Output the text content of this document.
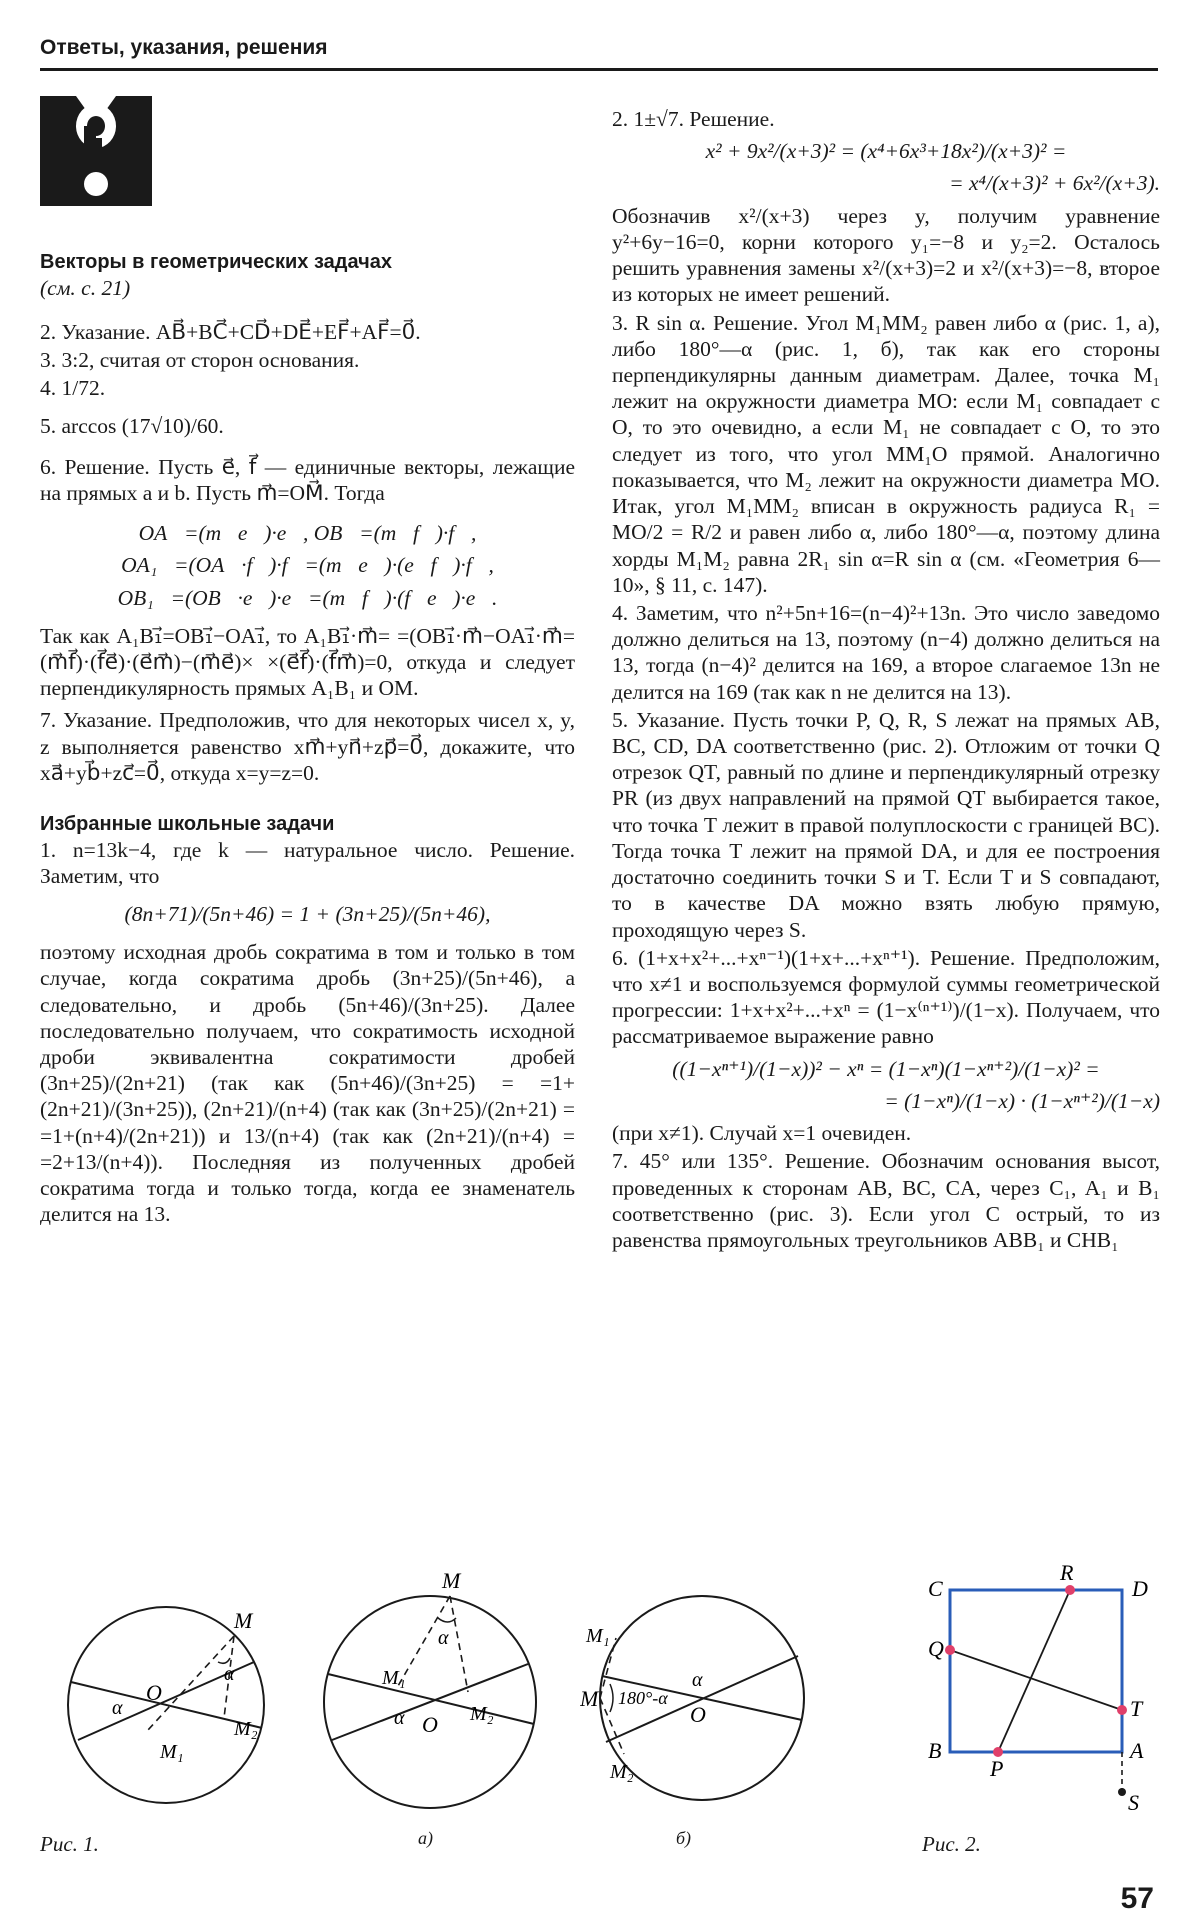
Ответы, указания, решения
Векторы в геометрических задачах
(см. с. 21)

2. Указание. AB⃗+BC⃗+CD⃗+DE⃗+EF⃗+AF⃗=0⃗.

3. 3:2, считая от сторон основания.

4. 1/72.

5. arccos (17√10)/60.

6. Решение. Пусть e⃗, f⃗ — единичные векторы, лежащие на прямых a и b. Пусть m⃗=OM⃗. Тогда

OA⃗=(m⃗e⃗)·e⃗, OB⃗=(m⃗f⃗)·f⃗,
OA₁⃗=(OA⃗·f⃗)·f⃗=(m⃗e⃗)·(e⃗f⃗)·f⃗,
OB₁⃗=(OB⃗·e⃗)·e⃗=(m⃗f⃗)·(f⃗e⃗)·e⃗.

Так как A₁B₁⃗=OB₁⃗−OA₁⃗, то A₁B₁⃗·m⃗= =(OB₁⃗·m⃗−OA₁⃗·m⃗=(m⃗f⃗)·(f⃗e⃗)·(e⃗m⃗)−(m⃗e⃗)× ×(e⃗f⃗)·(f⃗m⃗)=0, откуда и следует перпендикулярность прямых A₁B₁ и OM.

7. Указание. Предположив, что для некоторых чисел x, y, z выполняется равенство xm⃗+yn⃗+zp⃗=0⃗, докажите, что xa⃗+yb⃗+zc⃗=0⃗, откуда x=y=z=0.

Избранные школьные задачи

1. n=13k−4, где k — натуральное число. Решение. Заметим, что

(8n+71)/(5n+46) = 1 + (3n+25)/(5n+46),

поэтому исходная дробь сократима в том и только в том случае, когда сократима дробь (3n+25)/(5n+46), а следовательно, и дробь (5n+46)/(3n+25). Далее последовательно получаем, что сократимость исходной дроби эквивалентна сократимости дробей (3n+25)/(2n+21) (так как (5n+46)/(3n+25) = =1+(2n+21)/(3n+25)), (2n+21)/(n+4) (так как (3n+25)/(2n+21) = =1+(n+4)/(2n+21)) и 13/(n+4) (так как (2n+21)/(n+4) = =2+13/(n+4)). Последняя из полученных дробей сократима тогда и только тогда, когда ее знаменатель делится на 13.

2. 1±√7. Решение.

x² + 9x²/(x+3)² = (x⁴+6x³+18x²)/(x+3)² =
= x⁴/(x+3)² + 6x²/(x+3).

Обозначив x²/(x+3) через y, получим уравнение y²+6y−16=0, корни которого y₁=−8 и y₂=2. Осталось решить уравнения замены x²/(x+3)=2 и x²/(x+3)=−8, второе из которых не имеет решений.

3. R sin α. Решение. Угол M₁MM₂ равен либо α (рис. 1, а), либо 180°—α (рис. 1, б), так как его стороны перпендикулярны данным диаметрам. Далее, точка M₁ лежит на окружности диаметра MO: если M₁ совпадает с O, то это очевидно, а если M₁ не совпадает с O, то это следует из того, что угол MM₁O прямой. Аналогично показывается, что M₂ лежит на окружности диаметра MO. Итак, угол M₁MM₂ вписан в окружность радиуса R₁ = MO/2 = R/2 и равен либо α, либо 180°—α, поэтому длина хорды M₁M₂ равна 2R₁ sin α=R sin α (см. «Геометрия 6—10», § 11, с. 147).

4. Заметим, что n²+5n+16=(n−4)²+13n. Это число заведомо должно делиться на 13, поэтому (n−4) должно делиться на 13, тогда (n−4)² делится на 169, а второе слагаемое 13n не делится на 169 (так как n не делится на 13).

5. Указание. Пусть точки P, Q, R, S лежат на прямых AB, BC, CD, DA соответственно (рис. 2). Отложим от точки Q отрезок QT, равный по длине и перпендикулярный отрезку PR (из двух направлений на прямой QT выбирается такое, что точка T лежит в правой полуплоскости с границей BC). Тогда точка T лежит на прямой DA, и для ее построения достаточно соединить точки S и T. Если T и S совпадают, то в качестве DA можно взять любую прямую, проходящую через S.

6. (1+x+x²+...+xⁿ⁻¹)(1+x+...+xⁿ⁺¹). Решение. Предположим, что x≠1 и воспользуемся формулой суммы геометрической прогрессии: 1+x+x²+...+xⁿ = (1−x⁽ⁿ⁺¹⁾)/(1−x). Получаем, что рассматриваемое выражение равно

((1−xⁿ⁺¹)/(1−x))² − xⁿ = (1−xⁿ)(1−xⁿ⁺²)/(1−x)² =
= (1−xⁿ)/(1−x) · (1−xⁿ⁺²)/(1−x)

(при x≠1). Случай x=1 очевиден.

7. 45° или 135°. Решение. Обозначим основания высот, проведенных к сторонам AB, BC, CA, через C₁, A₁ и B₁ соответственно (рис. 3). Если угол C острый, то из равенства прямоугольных треугольников ABB₁ и CHB₁

M
O
α
α
M₁
M₂
Рис. 1.
M
α
M₁
α O M₂
а)
M₁
M 180°-α
α
O
M₂
б)
C	D
R
Q
T
B	A
P
S
Рис. 2.
57
